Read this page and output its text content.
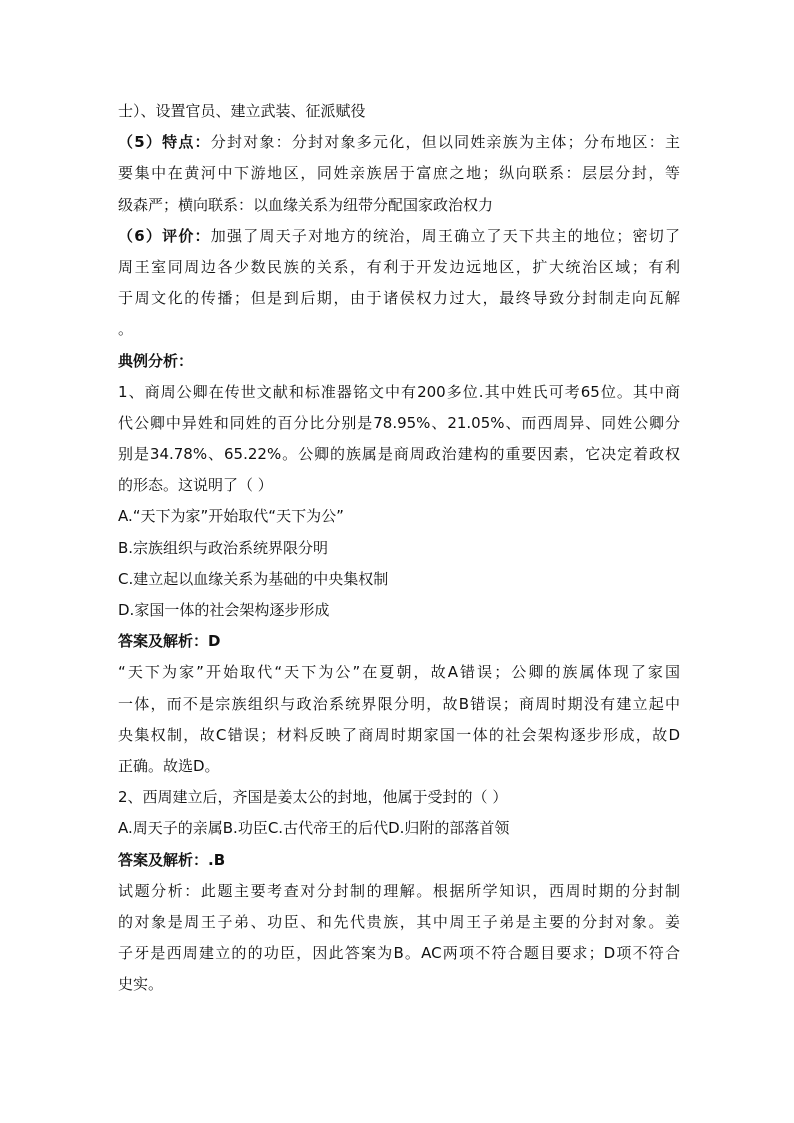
士）、设置官员、建立武装、征派赋役
（5）特点：分封对象：分封对象多元化，但以同姓亲族为主体；分布地区：主
要集中在黄河中下游地区，同姓亲族居于富庶之地；纵向联系：层层分封，等
级森严；横向联系：以血缘关系为纽带分配国家政治权力
（6）评价：加强了周天子对地方的统治，周王确立了天下共主的地位；密切了
周王室同周边各少数民族的关系，有利于开发边远地区，扩大统治区域；有利
于周文化的传播；但是到后期，由于诸侯权力过大，最终导致分封制走向瓦解
。
典例分析：
1、商周公卿在传世文献和标准器铭文中有200多位.其中姓氏可考65位。其中商
代公卿中异姓和同姓的百分比分别是78.95%、21.05%、而西周异、同姓公卿分
别是34.78%、65.22%。公卿的族属是商周政治建构的重要因素，它决定着政权
的形态。这说明了（ ）
A.“天下为家”开始取代“天下为公”
B.宗族组织与政治系统界限分明
C.建立起以血缘关系为基础的中央集权制
D.家国一体的社会架构逐步形成
答案及解析：D
“天下为家”开始取代“天下为公”在夏朝，故A错误；公卿的族属体现了家国
一体，而不是宗族组织与政治系统界限分明，故B错误；商周时期没有建立起中
央集权制，故C错误；材料反映了商周时期家国一体的社会架构逐步形成，故D
正确。故选D。
2、西周建立后，齐国是姜太公的封地，他属于受封的（ ）
A.周天子的亲属B.功臣C.古代帝王的后代D.归附的部落首领
答案及解析：.B
试题分析：此题主要考查对分封制的理解。根据所学知识，西周时期的分封制
的对象是周王子弟、功臣、和先代贵族，其中周王子弟是主要的分封对象。姜
子牙是西周建立的的功臣，因此答案为B。AC两项不符合题目要求；D项不符合
史实。
